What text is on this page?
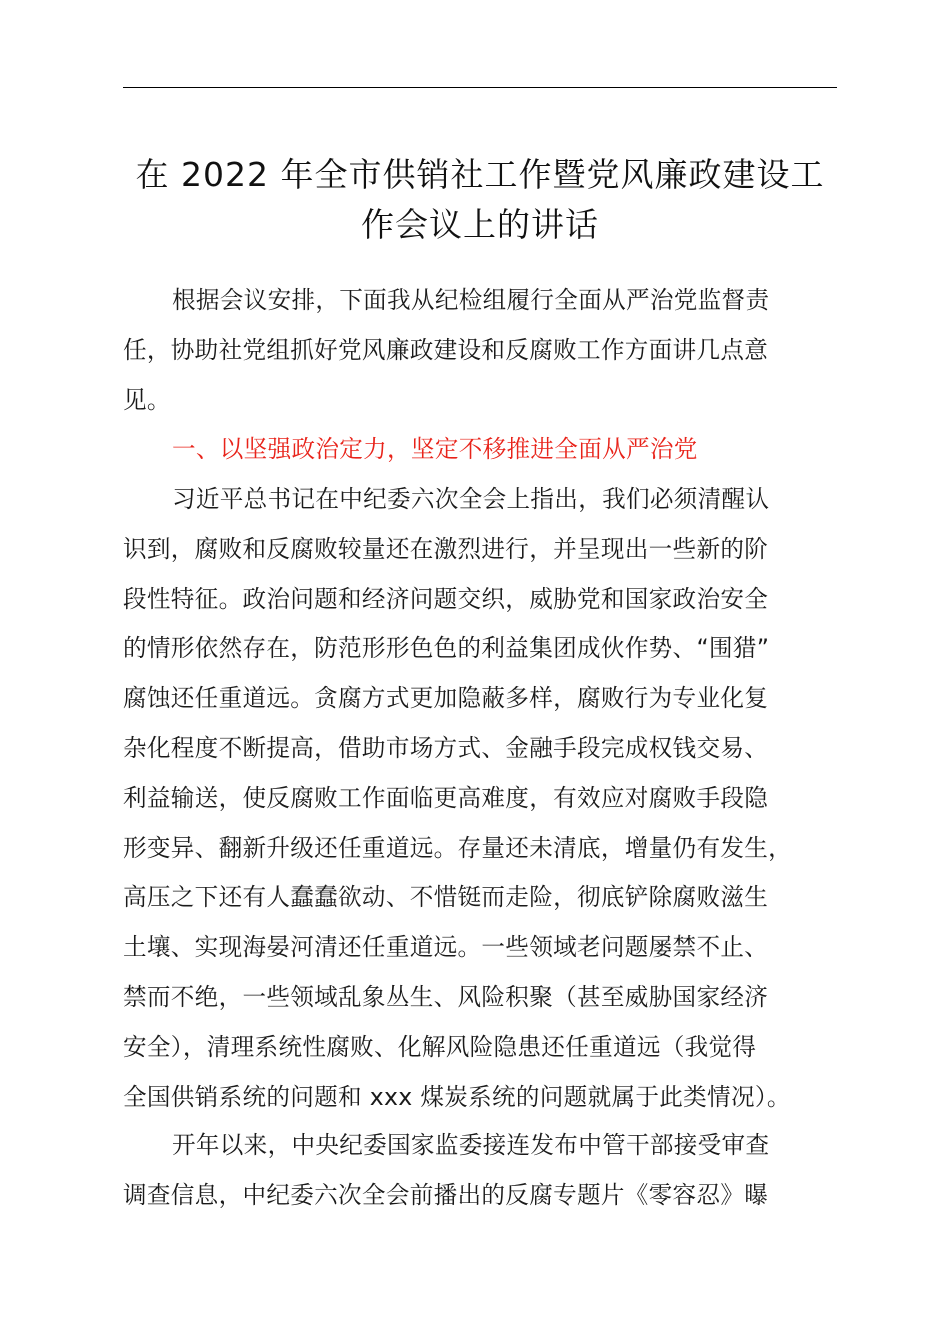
在 2022 年全市供销社工作暨党风廉政建设工
作会议上的讲话
根据会议安排，下面我从纪检组履行全面从严治党监督责
任，协助社党组抓好党风廉政建设和反腐败工作方面讲几点意
见。
一、以坚强政治定力，坚定不移推进全面从严治党
习近平总书记在中纪委六次全会上指出，我们必须清醒认
识到，腐败和反腐败较量还在激烈进行，并呈现出一些新的阶
段性特征。政治问题和经济问题交织，威胁党和国家政治安全
的情形依然存在，防范形形色色的利益集团成伙作势、“围猎”
腐蚀还任重道远。贪腐方式更加隐蔽多样，腐败行为专业化复
杂化程度不断提高，借助市场方式、金融手段完成权钱交易、
利益输送，使反腐败工作面临更高难度，有效应对腐败手段隐
形变异、翻新升级还任重道远。存量还未清底，增量仍有发生，
高压之下还有人蠢蠢欲动、不惜铤而走险，彻底铲除腐败滋生
土壤、实现海晏河清还任重道远。一些领域老问题屡禁不止、
禁而不绝，一些领域乱象丛生、风险积聚（甚至威胁国家经济
安全），清理系统性腐败、化解风险隐患还任重道远（我觉得
全国供销系统的问题和 xxx 煤炭系统的问题就属于此类情况）。
开年以来，中央纪委国家监委接连发布中管干部接受审查
调查信息，中纪委六次全会前播出的反腐专题片《零容忍》曝
